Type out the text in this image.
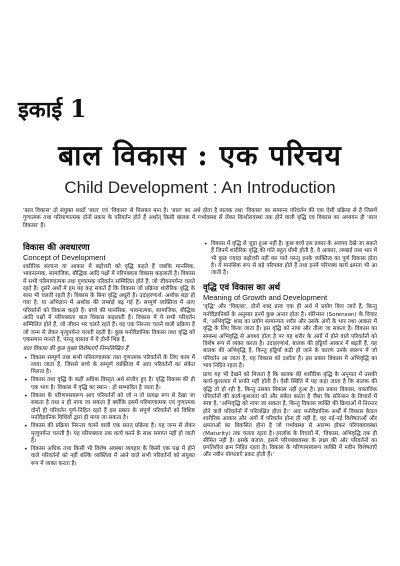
इकाई 1
बाल विकास : एक परिचय
Child Development : An Introduction

'बाल विकास' दो संयुक्त शब्दों 'बाल' एवं 'विकास' से मिलकर बना है। 'बाल' का अर्थ होता है बालक तथा 'विकास' का सामान्य परिवर्तन की एक ऐसी प्रक्रिया से है जिसमें गुणात्मक तथा परिमाणात्मक दोनों प्रकार के परिवर्तन होते हैं अर्थात् किसी बालक में गर्भावस्था से लेकर किशोरावस्था तक होने वाली वृद्धि एवं विकास का अध्ययन ही 'बाल विकास' है।

विकास की अवधारणा
Concept of Development

शारीरिक संरचना या आकार में बढ़ोत्तरी को वृद्धि कहते हैं जबकि मानसिक, भावनात्मक, सामाजिक, बौद्धिक आदि पक्षों में परिपक्वता विकास कहलाती है। विकास में सभी परिमाणात्मक तथा गुणात्मक परिवर्तन सम्मिलित होते हैं, जो जीवनपर्यन्त चलते रहते हैं। दूसरे अर्थों में हम यह कह सकते हैं कि विकास जो प्रक्रिया शारीरिक वृद्धि के साथ भी चलती रहती है। विकास के बिना वृद्धि अधूरी है। उदाहरणार्थ: अशोक बड़ा हो गया है, या अभिज्ञान में अशोक की लम्बाई बढ़ गई है। सम्पूर्ण व्यक्तित्व में आए परिवर्तनों को विकास कहते हैं। बच्चे की मानसिक, भावनात्मक, सामाजिक, बौद्धिक आदि पक्षों में परिपक्वता बाल विकास कहलाती है। विकास में ये सभी परिवर्तन सम्मिलित होते हैं, जो जीवन भर चलते रहते हैं। यह एक निरन्तर चलने वाली प्रक्रिया है जो जन्म से लेकर मृत्युपर्यन्त चलती रहती है। कुछ मनोवैज्ञानिक विकास तथा वृद्धि को एकसमान मानते हैं, परन्तु वास्तव में ये दोनों भिन्न हैं,

बाल विकास की कुछ मुख्य विशेषताएँ निम्नलिखित हैं

• विकास सम्पूर्ण तथा सभी परिमाणात्मक तथा गुणात्मक परिवर्तनों के लिए काम में लाया जाता है, जिससे बच्चे के सम्पूर्ण व्यक्तित्व में आए परिवर्तनों का संकेत मिलता है।
• विकास तथा वृद्धि के कहीं अधिक विस्तृत अर्थ संजोए हुए है। वृद्धि विकास की ही एक भाग है। विकास में वृद्धि का स्थान : हो सम्भावित है जाता है।
• विकास के परिणामस्वरूप आए परिवर्तनों को जो न तो प्रत्यक्ष रूप से देखा जा सकता है तथा न ही नापा जा सकता है क्योंकि इसमें परिमाणात्मक एवं गुणात्मक दोनों ही परिवर्तन पूर्ण-निहित रहते हैं इस प्रकार के संपूर्ण परिवर्तनों को विशिष्ट मनोवैज्ञानिक विधियों द्वारा ही मापा जा सकता है।
• विकास की प्रक्रिया निरन्तर चलने वाली एक सतत् प्रक्रिया है। यह जन्म से लेकर मृत्युपर्यन्त चलती है। यह परिपक्वता तक कार्य करने के साथ समाप्त नहीं हो जाती है।
• विकास अधिक तथा किसी भी विशेष अवस्था व्यवहार के किसी एक पक्ष में होने वाले परिवर्तनों को नहीं बल्कि व्यक्तित्व में आने वाले सभी परिवर्तनों को संयुक्त रूप में व्यक्त करता है।
• विकास में वृद्धि से जुड़ा हुआ नहीं है। कुछ बच्चे इस प्रकार के अवयव देखे जा सकते हैं जिनमें शारीरिक वृद्धि की गति बहुत धीमी होती है, वे आकार, लम्बाई तथा भार में भी कुछ ज्यादा बढ़ोत्तरी नहीं कर पाते परन्तु इनके व्यक्तित्व का पूर्ण विकास होता है। ये मानसिक रूप से बड़े परिपक्व होते हैं तथा इनमें परिपक्व कार्य क्षमता भी आ जाती है।
वृद्धि एवं विकास का अर्थ
Meaning of Growth and Development

'वृद्धि' और 'विकास', दोनों शब्द प्रायः एक ही अर्थ में प्रयोग किए जाते हैं, किन्तु मनोवैज्ञानिकों के अनुसार इनमें कुछ अन्तर होता है। सोरेन्सन (Sorenson) के विचार में, 'अभिवृद्धि' शब्द का प्रयोग सामान्यतः शरीर और उसके अंगों के भार तथा आकार में वृद्धि के लिए किया जाता है। इस वृद्धि को नापा और तौला जा सकता है। विकास का सम्बन्ध अभिवृद्धि से अवश्य होता है पर यह शरीर के अंगों में होने वाले परिवर्तनों को विशेष रूप से व्यक्त करता है। उदाहरणार्थ, बालक की हड्डियाँ आकार में बढ़ती हैं, यह बालक की अभिवृद्धि है, किन्तु हड्डियाँ कड़ी हो जाने के कारण उनके स्वरूप में जो परिवर्तन आ जाता है, यह विकास को दर्शाता है। इस प्रकार विकास में अभिवृद्धि का भाव निहित रहता है।

प्रायः यह भी देखने को मिलता है कि बालक की शारीरिक वृद्धि के अनुपात में उसकी कार्य-कुशलता में प्रगति नहीं होती है। ऐसी स्थिति में यह कहा जाता है कि बालक की वृद्धि तो हो रही है, किन्तु उसका विकास नहीं हुआ है। इस प्रकार विकास, वास्तविक परिवर्तनों की कार्य-कुशलता को और संकेत करता है जैसा कि सोरेन्सन के विचारों में स्पष्ट है, 'अभिवृद्धि को नापा जा सकता है, किन्तु विकास व्यक्ति की क्रियाओं में निरन्तर होने वाले परिवर्तनों में परिलक्षित होता है।' अतः मनोवैज्ञानिक अर्थों में विकास केवल शारीरिक आकार और अंगों में परिवर्तन होना ही नहीं है, यह नई-नई विशेषताओं और क्षमताओं का विकसित होना है जो गर्भावस्था से आरम्भ होकर परिपक्वावस्था (Maturity) तक चलता रहता है। हरलॉक के विचारों में, 'विकास, अभिवृद्धि तक ही सीमित नहीं है। इसके बजाय, इसमें परिपक्वावस्था के लक्ष्य की ओर परिवर्तनों का प्रगतिशील क्रम निहित रहता है। विकास के परिणामस्वरूप व्यक्ति में नवीन विशेषताएँ और नवीन योग्यताएँ प्रकट होती हैं।'
